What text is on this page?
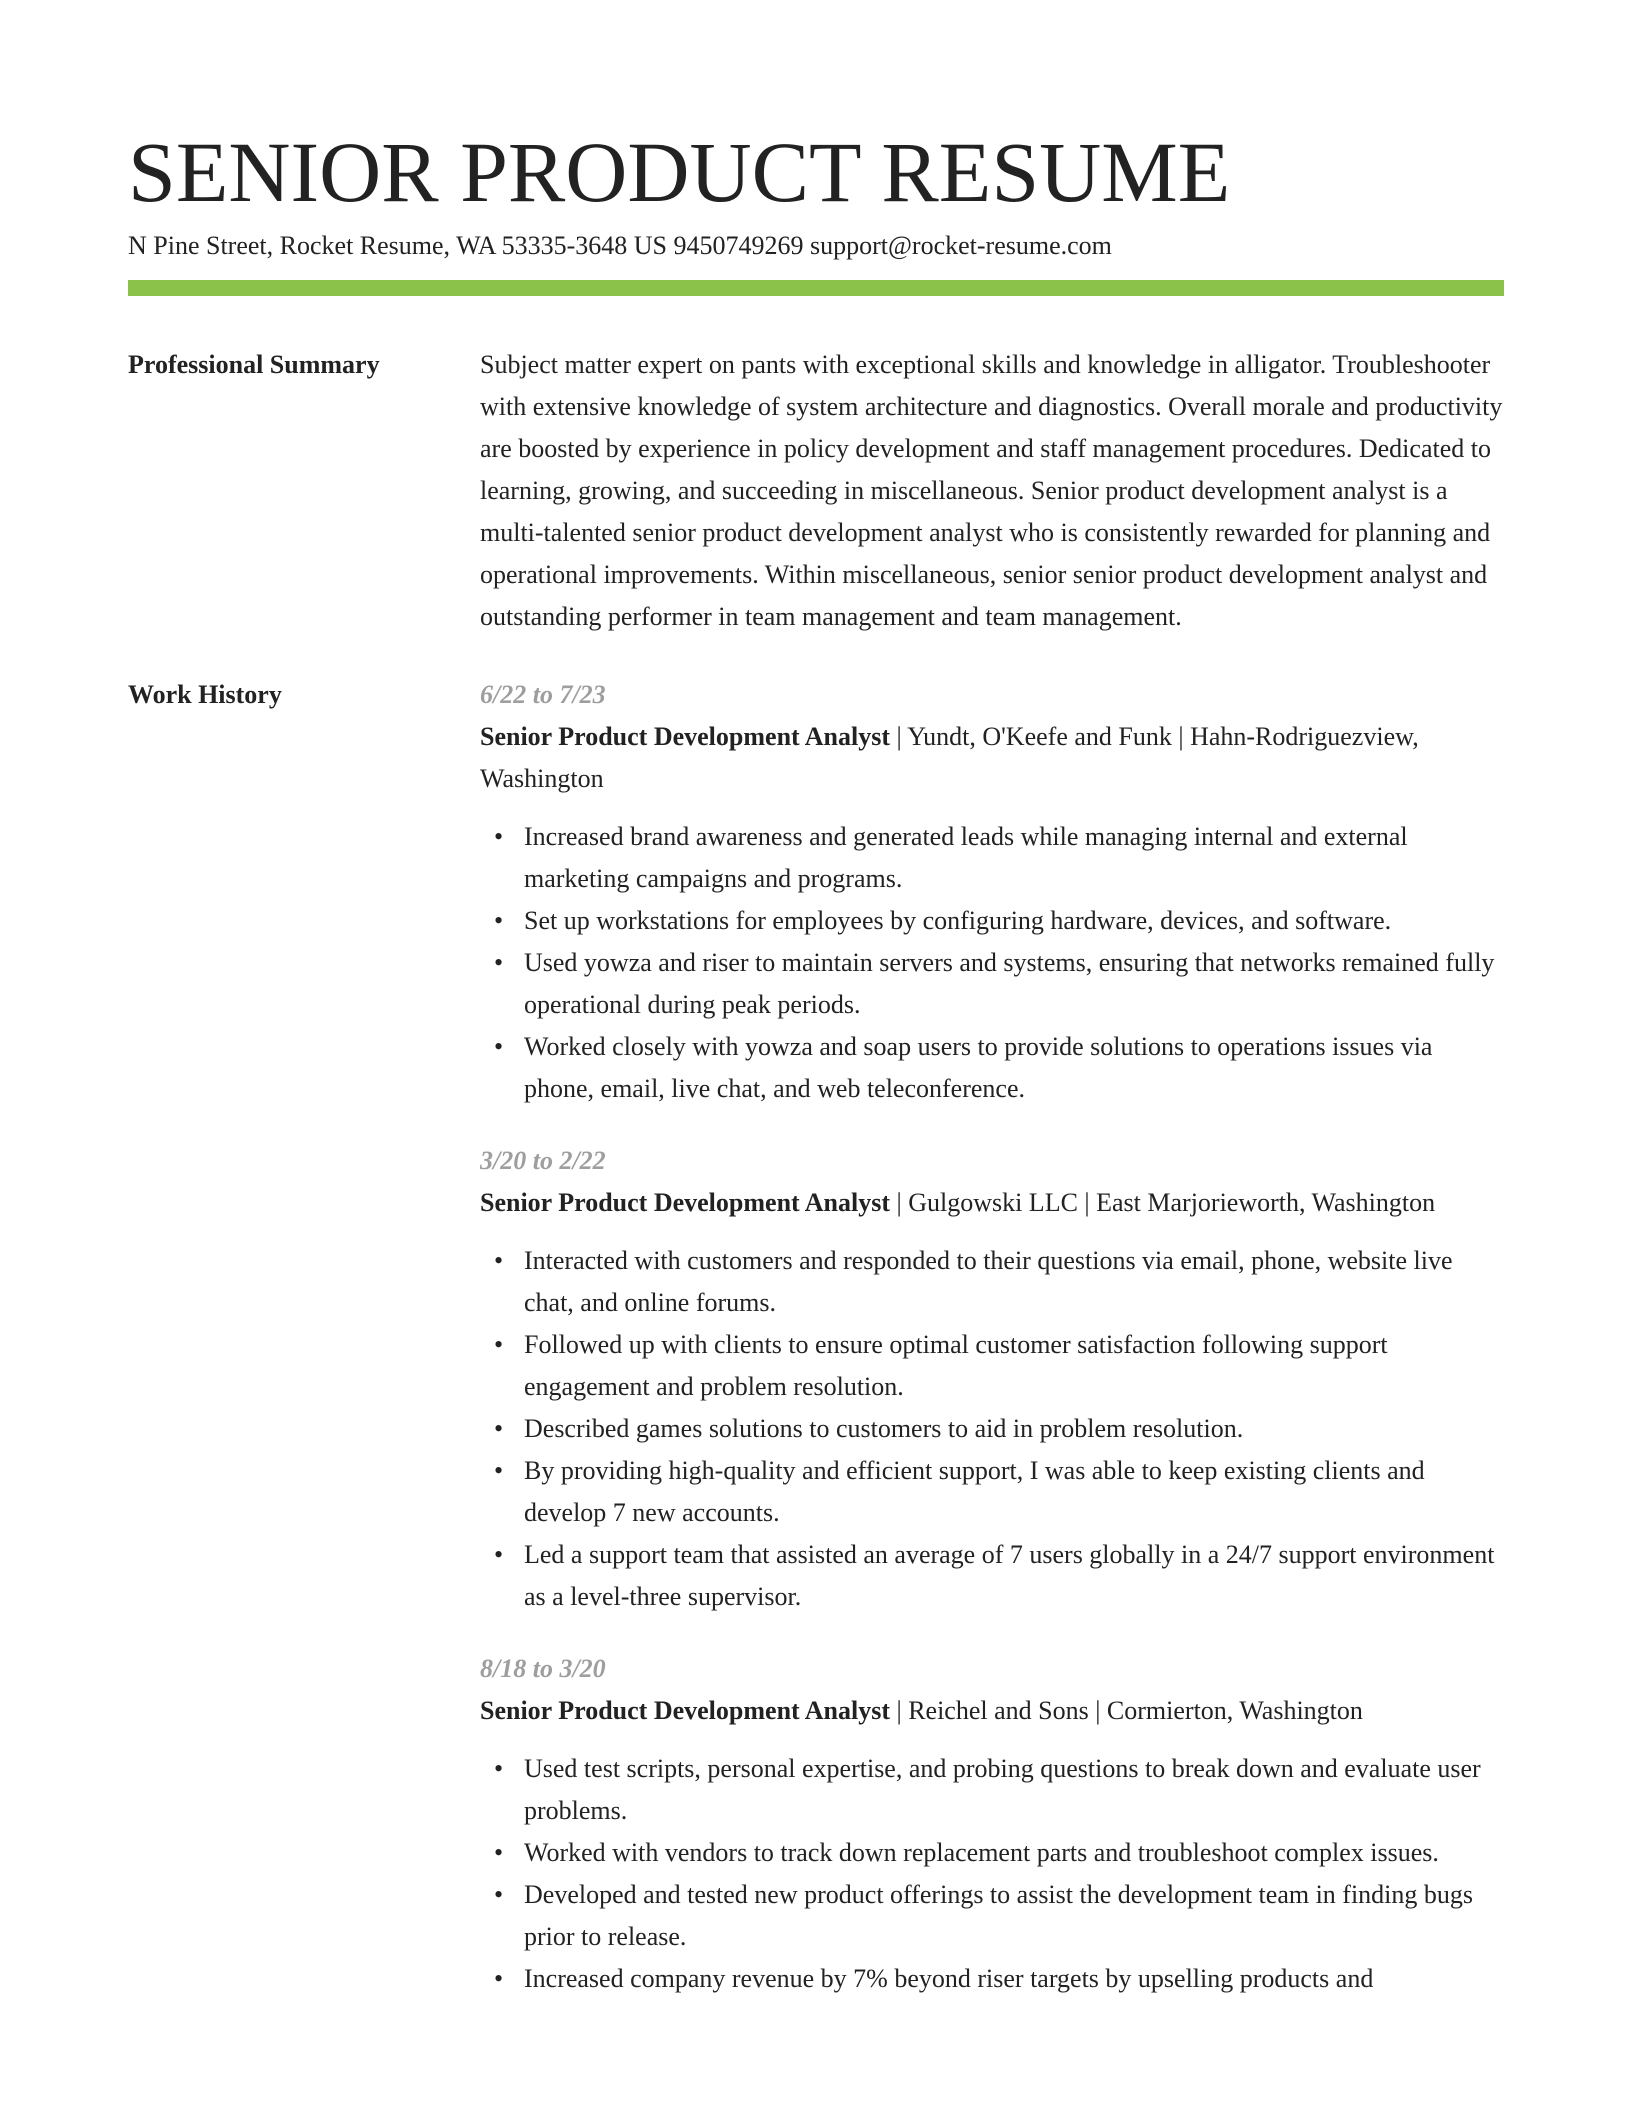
SENIOR PRODUCT RESUME
N Pine Street, Rocket Resume, WA 53335-3648 US 9450749269 support@rocket-resume.com
Professional Summary	Subject matter expert on pants with exceptional skills and knowledge in alligator. Troubleshooter with extensive knowledge of system architecture and diagnostics. Overall morale and productivity are boosted by experience in policy development and staff management procedures. Dedicated to learning, growing, and succeeding in miscellaneous. Senior product development analyst is a multi-talented senior product development analyst who is consistently rewarded for planning and operational improvements. Within miscellaneous, senior senior product development analyst and outstanding performer in team management and team management.

Work History	6/22 to 7/23
Senior Product Development Analyst | Yundt, O'Keefe and Funk | Hahn-Rodriguezview, Washington
• Increased brand awareness and generated leads while managing internal and external marketing campaigns and programs.
• Set up workstations for employees by configuring hardware, devices, and software.
• Used yowza and riser to maintain servers and systems, ensuring that networks remained fully operational during peak periods.
• Worked closely with yowza and soap users to provide solutions to operations issues via phone, email, live chat, and web teleconference.
3/20 to 2/22
Senior Product Development Analyst | Gulgowski LLC | East Marjorieworth, Washington
• Interacted with customers and responded to their questions via email, phone, website live chat, and online forums.
• Followed up with clients to ensure optimal customer satisfaction following support engagement and problem resolution.
• Described games solutions to customers to aid in problem resolution.
• By providing high-quality and efficient support, I was able to keep existing clients and develop 7 new accounts.
• Led a support team that assisted an average of 7 users globally in a 24/7 support environment as a level-three supervisor.
8/18 to 3/20
Senior Product Development Analyst | Reichel and Sons | Cormierton, Washington
• Used test scripts, personal expertise, and probing questions to break down and evaluate user problems.
• Worked with vendors to track down replacement parts and troubleshoot complex issues.
• Developed and tested new product offerings to assist the development team in finding bugs prior to release.
• Increased company revenue by 7% beyond riser targets by upselling products and
